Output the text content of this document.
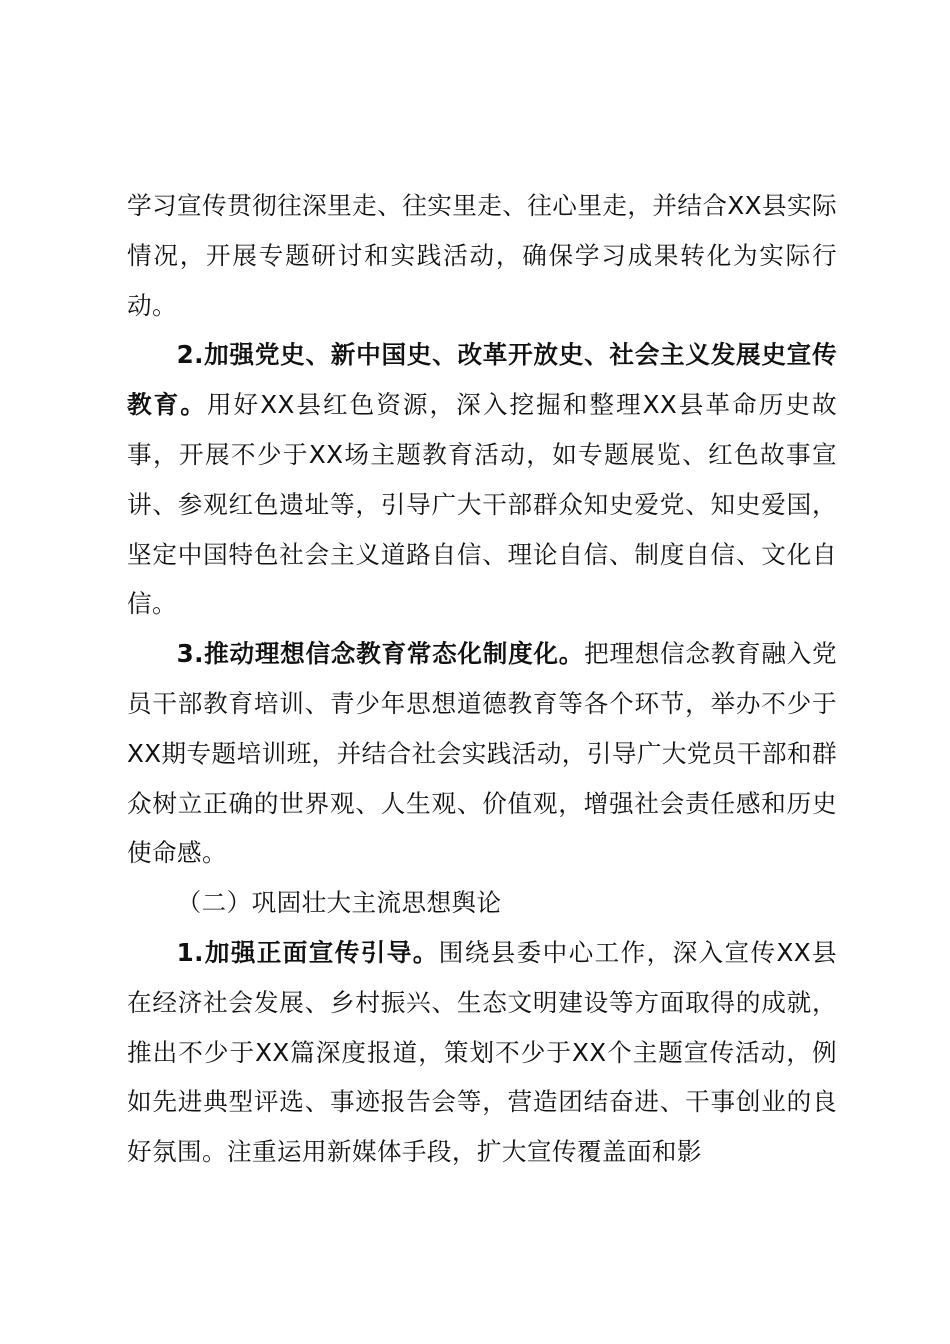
学习宣传贯彻往深里走、往实里走、往心里走，并结合XX县实际情况，开展专题研讨和实践活动，确保学习成果转化为实际行动。

2.加强党史、新中国史、改革开放史、社会主义发展史宣传教育。用好XX县红色资源，深入挖掘和整理XX县革命历史故事，开展不少于XX场主题教育活动，如专题展览、红色故事宣讲、参观红色遗址等，引导广大干部群众知史爱党、知史爱国，坚定中国特色社会主义道路自信、理论自信、制度自信、文化自信。

3.推动理想信念教育常态化制度化。把理想信念教育融入党员干部教育培训、青少年思想道德教育等各个环节，举办不少于XX期专题培训班，并结合社会实践活动，引导广大党员干部和群众树立正确的世界观、人生观、价值观，增强社会责任感和历史使命感。

（二）巩固壮大主流思想舆论

1.加强正面宣传引导。围绕县委中心工作，深入宣传XX县在经济社会发展、乡村振兴、生态文明建设等方面取得的成就，推出不少于XX篇深度报道，策划不少于XX个主题宣传活动，例如先进典型评选、事迹报告会等，营造团结奋进、干事创业的良好氛围。注重运用新媒体手段，扩大宣传覆盖面和影
